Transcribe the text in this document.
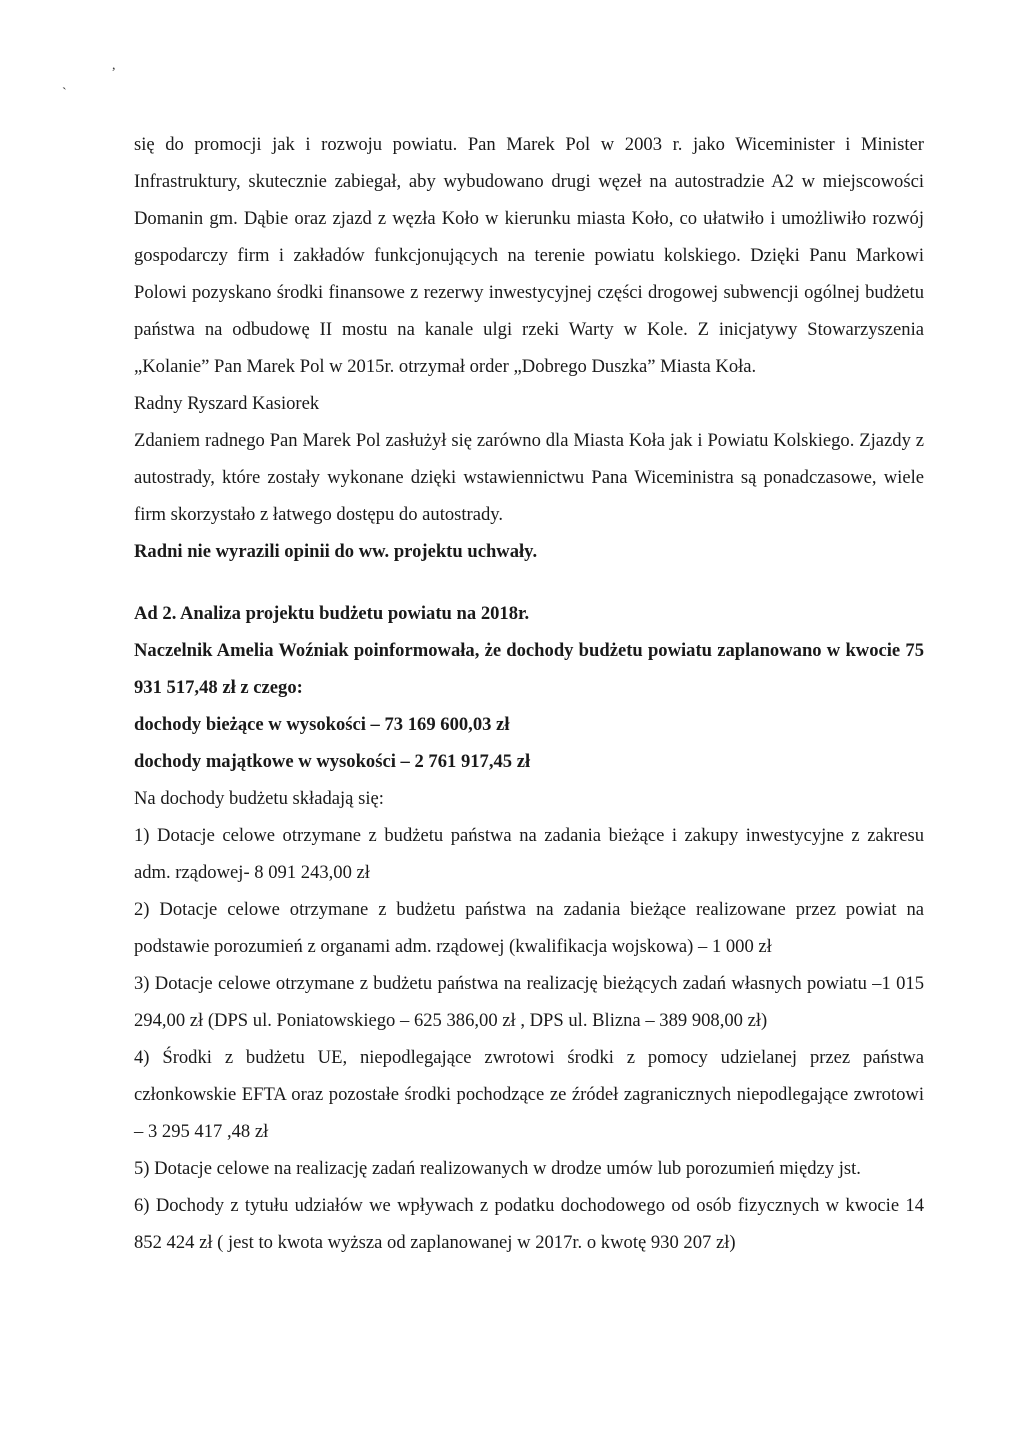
,
`

się do promocji jak i rozwoju powiatu. Pan Marek Pol w 2003 r. jako Wiceminister i Minister Infrastruktury, skutecznie zabiegał, aby wybudowano drugi węzeł na autostradzie A2 w miejscowości Domanin gm. Dąbie oraz zjazd z węzła Koło w kierunku miasta Koło, co ułatwiło i umożliwiło rozwój gospodarczy firm i zakładów funkcjonujących na terenie powiatu kolskiego. Dzięki Panu Markowi Polowi pozyskano środki finansowe z rezerwy inwestycyjnej części drogowej subwencji ogólnej budżetu państwa na odbudowę II mostu na kanale ulgi rzeki Warty w Kole. Z inicjatywy Stowarzyszenia „Kolanie” Pan Marek Pol w 2015r. otrzymał order „Dobrego Duszka” Miasta Koła.

Radny Ryszard Kasiorek

Zdaniem radnego Pan Marek Pol zasłużył się zarówno dla Miasta Koła jak i Powiatu Kolskiego. Zjazdy z autostrady, które zostały wykonane dzięki wstawiennictwu Pana Wiceministra są ponadczasowe, wiele firm skorzystało z łatwego dostępu do autostrady.

Radni nie wyrazili opinii do ww. projektu uchwały.

Ad 2. Analiza projektu budżetu powiatu na 2018r.

Naczelnik Amelia Woźniak poinformowała, że dochody budżetu powiatu zaplanowano w kwocie 75 931 517,48 zł z czego:

dochody bieżące w wysokości – 73 169 600,03 zł

dochody majątkowe w wysokości – 2 761 917,45 zł

Na dochody budżetu składają się:

1) Dotacje celowe otrzymane z budżetu państwa na zadania bieżące i zakupy inwestycyjne z zakresu adm. rządowej- 8 091 243,00 zł

2) Dotacje celowe otrzymane z budżetu państwa na zadania bieżące realizowane przez powiat na podstawie porozumień z organami adm. rządowej (kwalifikacja wojskowa) – 1 000 zł

3) Dotacje celowe otrzymane z budżetu państwa na realizację bieżących zadań własnych powiatu –1 015 294,00 zł (DPS ul. Poniatowskiego – 625 386,00 zł , DPS ul. Blizna – 389 908,00 zł)

4) Środki z budżetu UE, niepodlegające zwrotowi środki z pomocy udzielanej przez państwa członkowskie EFTA oraz pozostałe środki pochodzące ze źródeł zagranicznych niepodlegające zwrotowi – 3 295 417 ,48 zł

5) Dotacje celowe na realizację zadań realizowanych w drodze umów lub porozumień między jst.

6) Dochody z tytułu udziałów we wpływach z podatku dochodowego od osób fizycznych w kwocie 14 852 424 zł ( jest to kwota wyższa od zaplanowanej w 2017r. o kwotę 930 207 zł)
